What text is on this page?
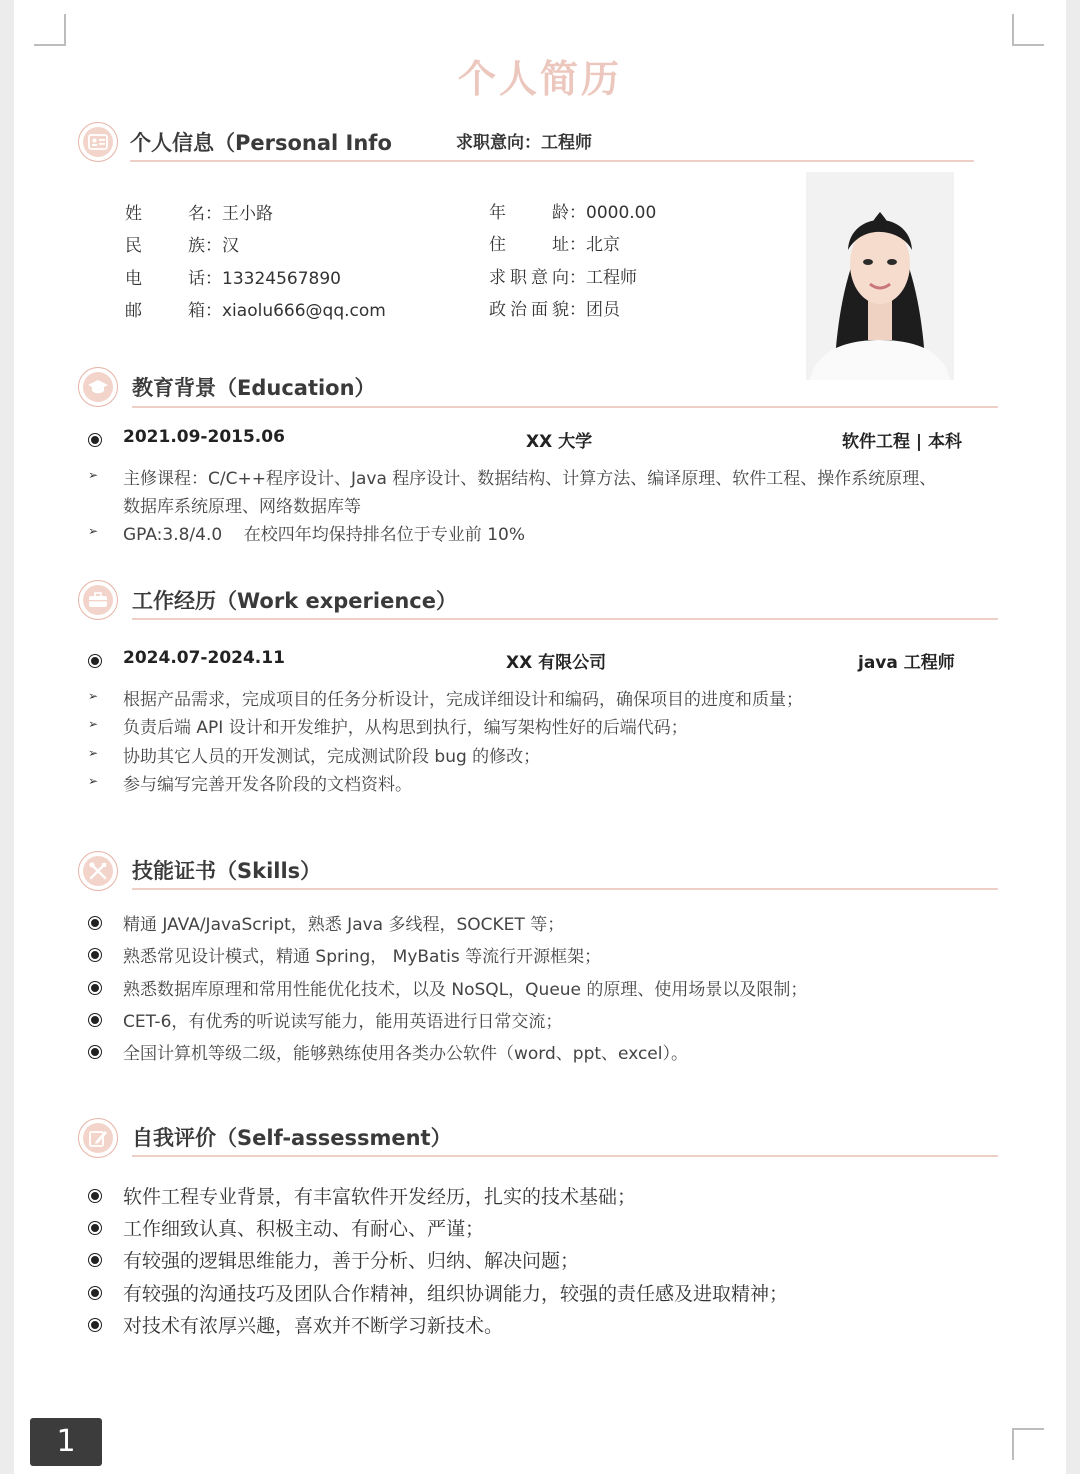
个人简历
个人信息（Personal Info	求职意向：工程师
姓名：王小路
民族：汉
电话：13324567890
邮箱：xiaolu666@qq.com
年龄：0000.00
住址：北京
求职意向：工程师
政治面貌：团员
教育背景（Education）
2021.09-2015.06	XX 大学	软件工程 | 本科
➢ 主修课程：C/C++程序设计、Java 程序设计、数据结构、计算方法、编译原理、软件工程、操作系统原理、
数据库系统原理、网络数据库等
➢ GPA:3.8/4.0    在校四年均保持排名位于专业前 10%
工作经历（Work experience）
2024.07-2024.11	XX 有限公司	java 工程师
➢ 根据产品需求，完成项目的任务分析设计，完成详细设计和编码，确保项目的进度和质量；
➢ 负责后端 API 设计和开发维护，从构思到执行，编写架构性好的后端代码；
➢ 协助其它人员的开发测试，完成测试阶段 bug 的修改；
➢ 参与编写完善开发各阶段的文档资料。
技能证书（Skills）
精通 JAVA/JavaScript，熟悉 Java 多线程，SOCKET 等；
熟悉常见设计模式，精通 Spring， MyBatis 等流行开源框架；
熟悉数据库原理和常用性能优化技术，以及 NoSQL，Queue 的原理、使用场景以及限制；
CET-6，有优秀的听说读写能力，能用英语进行日常交流；
全国计算机等级二级，能够熟练使用各类办公软件（word、ppt、excel）。
自我评价（Self-assessment）
软件工程专业背景，有丰富软件开发经历，扎实的技术基础；
工作细致认真、积极主动、有耐心、严谨；
有较强的逻辑思维能力，善于分析、归纳、解决问题；
有较强的沟通技巧及团队合作精神，组织协调能力，较强的责任感及进取精神；
对技术有浓厚兴趣，喜欢并不断学习新技术。
1
